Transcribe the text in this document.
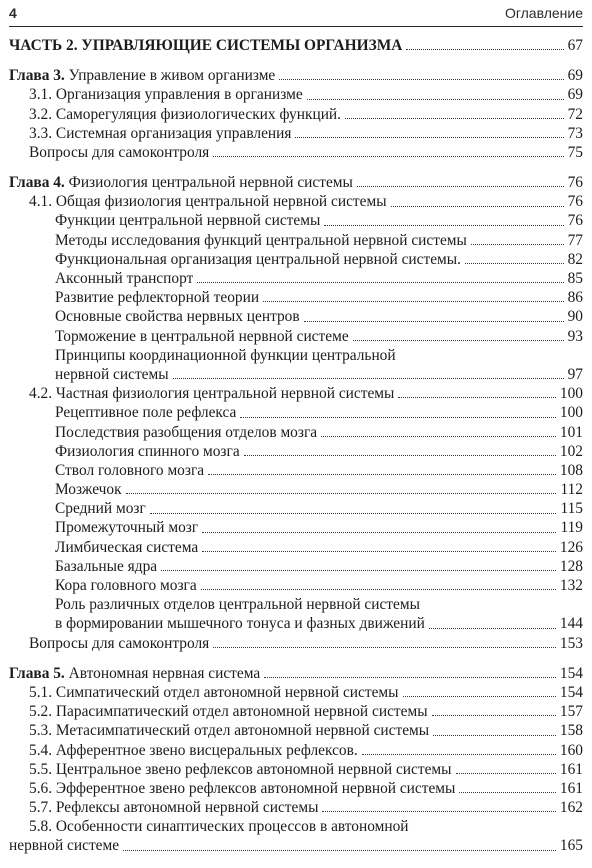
4	Оглавление
ЧАСТЬ 2. УПРАВЛЯЮЩИЕ СИСТЕМЫ ОРГАНИЗМА	67
Глава 3. Управление в живом организме	69
3.1. Организация управления в организме	69
3.2. Саморегуляция физиологических функций.	72
3.3. Системная организация управления	73
Вопросы для самоконтроля	75
Глава 4. Физиология центральной нервной системы	76
4.1. Общая физиология центральной нервной системы	76
Функции центральной нервной системы	76
Методы исследования функций центральной нервной системы	77
Функциональная организация центральной нервной системы.	82
Аксонный транспорт	85
Развитие рефлекторной теории	86
Основные свойства нервных центров	90
Торможение в центральной нервной системе	93
Принципы координационной функции центральной
нервной системы	97
4.2. Частная физиология центральной нервной системы	100
Рецептивное поле рефлекса	100
Последствия разобщения отделов мозга	101
Физиология спинного мозга	102
Ствол головного мозга	108
Мозжечок	112
Средний мозг	115
Промежуточный мозг	119
Лимбическая система	126
Базальные ядра	128
Кора головного мозга	132
Роль различных отделов центральной нервной системы
в формировании мышечного тонуса и фазных движений	144
Вопросы для самоконтроля	153
Глава 5. Автономная нервная система	154
5.1. Симпатический отдел автономной нервной системы	154
5.2. Парасимпатический отдел автономной нервной системы	157
5.3. Метасимпатический отдел автономной нервной системы	158
5.4. Афферентное звено висцеральных рефлексов.	160
5.5. Центральное звено рефлексов автономной нервной системы	161
5.6. Эфферентное звено рефлексов автономной нервной системы	161
5.7. Рефлексы автономной нервной системы	162
5.8. Особенности синаптических процессов в автономной
нервной системе	165
